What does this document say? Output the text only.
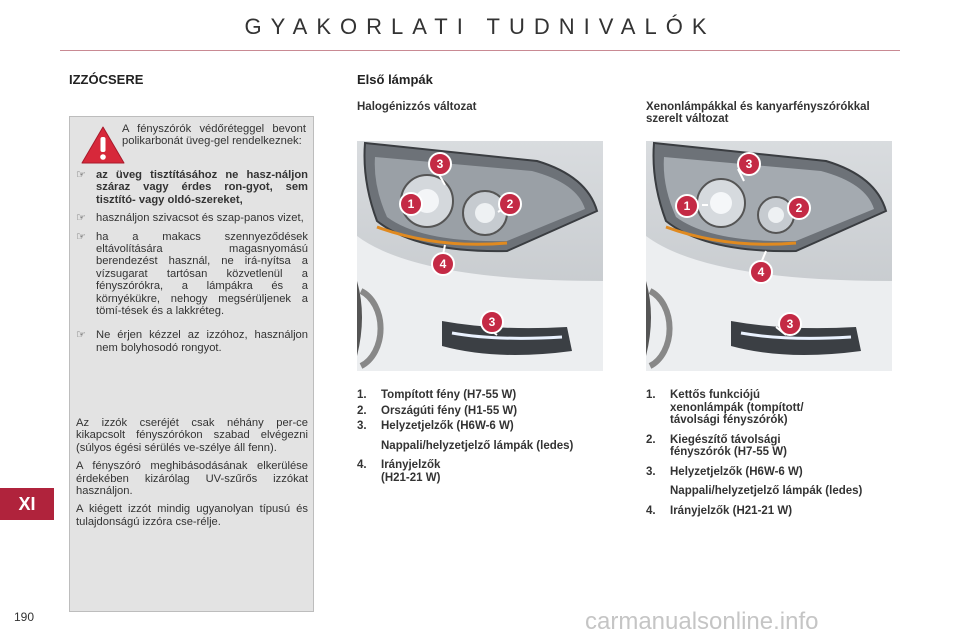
GYAKORLATI TUDNIVALÓK
XI
190
IZZÓCSERE
A fényszórók védőréteggel bevont polikarbonát üveg-gel rendelkeznek:
☞ az üveg tisztításához ne hasz-náljon száraz vagy érdes ron-gyot, sem tisztító- vagy oldó-szereket,
☞ használjon szivacsot és szap-panos vizet,
☞ ha a makacs szennyeződések eltávolítására magasnyomású berendezést használ, ne irá-nyítsa a vízsugarat tartósan közvetlenül a fényszórókra, a lámpákra és a környékükre, nehogy megsérüljenek a tömí-tések és a lakkréteg.
☞ Ne érjen kézzel az izzóhoz, használjon nem bolyhosodó rongyot.

Az izzók cseréjét csak néhány per-ce kikapcsolt fényszórókon szabad elvégezni (súlyos égési sérülés ve-szélye áll fenn).

A fényszóró meghibásodásának elkerülése érdekében kizárólag UV-szűrős izzókat használjon.

A kiégett izzót mindig ugyanolyan típusú és tulajdonságú izzóra cse-rélje.

Első lámpák
Halogénizzós változat	Xenonlámpákkal és kanyarfényszórókkal szerelt változat
1	2
3
4
3
1	2
3
4
3
1.	Tompított fény (H7-55 W)
2.	Országúti fény (H1-55 W)
3.	Helyzetjelzők (H6W-6 W)
Nappali/helyzetjelző lámpák (ledes)
4.	Irányjelzők (H21-21 W)
1.	Kettős funkciójú xenonlámpák (tompított/ távolsági fényszórók)
2.	Kiegészítő távolsági fényszórók (H7-55 W)
3.	Helyzetjelzők (H6W-6 W)
Nappali/helyzetjelző lámpák (ledes)
4.	Irányjelzők (H21-21 W)
carmanualsonline.info
